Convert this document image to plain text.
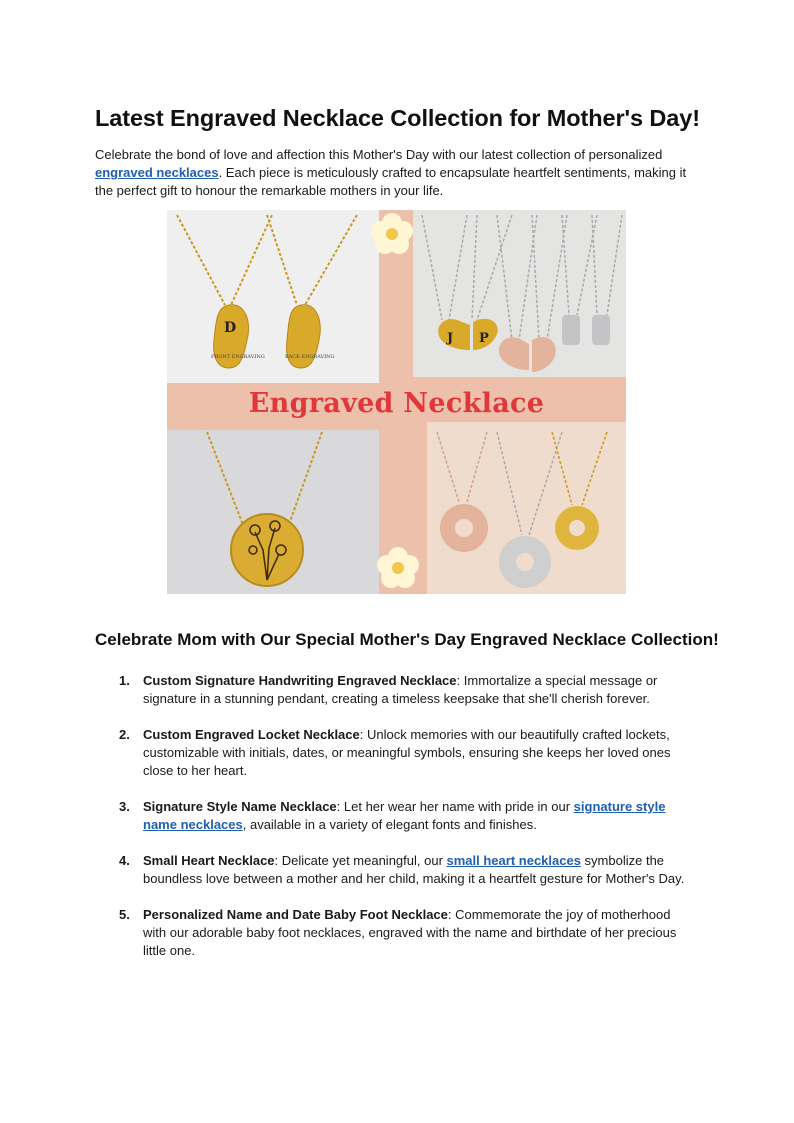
Latest Engraved Necklace Collection for Mother's Day!

Celebrate the bond of love and affection this Mother's Day with our latest collection of personalized engraved necklaces. Each piece is meticulously crafted to encapsulate heartfelt sentiments, making it the perfect gift to honour the remarkable mothers in your life.

D
FRONT ENGRAVING	BACK ENGRAVING
J P
Engraved Necklace
Celebrate Mom with Our Special Mother's Day Engraved Necklace Collection!
1. Custom Signature Handwriting Engraved Necklace: Immortalize a special message or signature in a stunning pendant, creating a timeless keepsake that she'll cherish forever.
2. Custom Engraved Locket Necklace: Unlock memories with our beautifully crafted lockets, customizable with initials, dates, or meaningful symbols, ensuring she keeps her loved ones close to her heart.
3. Signature Style Name Necklace: Let her wear her name with pride in our signature style name necklaces, available in a variety of elegant fonts and finishes.
4. Small Heart Necklace: Delicate yet meaningful, our small heart necklaces symbolize the boundless love between a mother and her child, making it a heartfelt gesture for Mother's Day.
5. Personalized Name and Date Baby Foot Necklace: Commemorate the joy of motherhood with our adorable baby foot necklaces, engraved with the name and birthdate of her precious little one.
